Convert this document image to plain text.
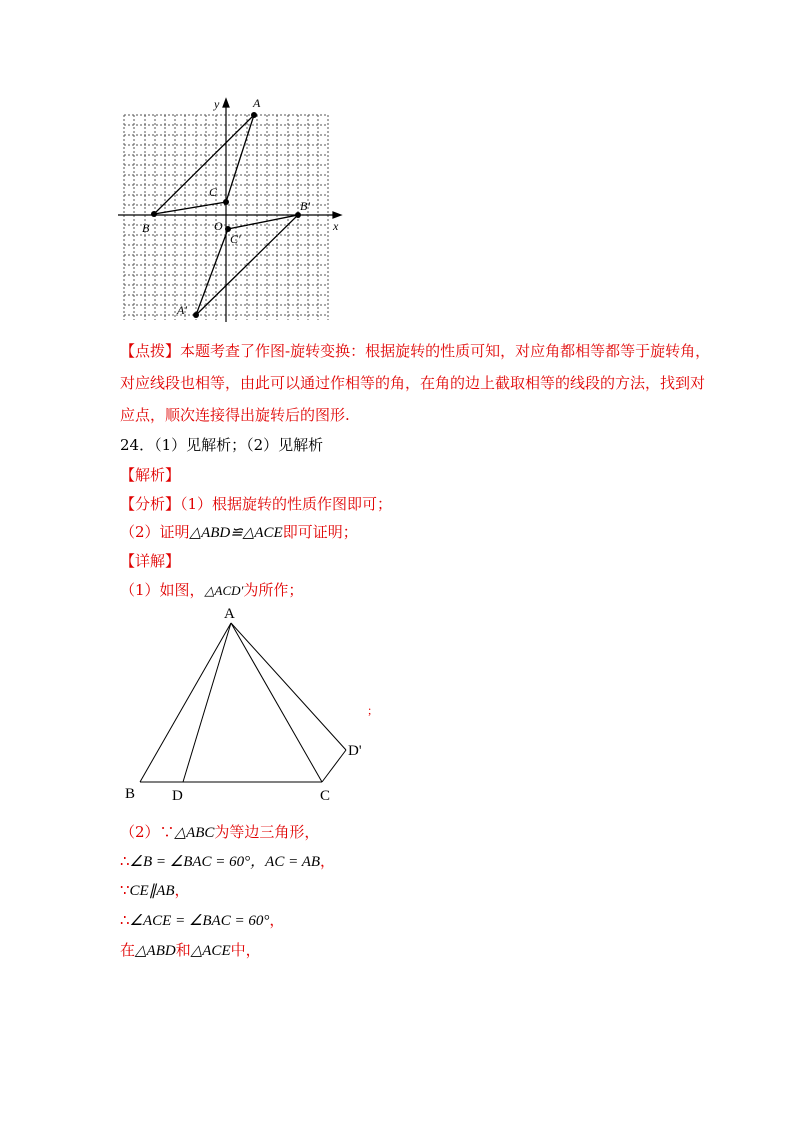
x
y	A
B
C
O
A'
B'
C'
【点拨】本题考查了作图-旋转变换：根据旋转的性质可知，对应角都相等都等于旋转角，
对应线段也相等，由此可以通过作相等的角，在角的边上截取相等的线段的方法，找到对
应点，顺次连接得出旋转后的图形.
24．（1）见解析；（2）见解析
【解析】
【分析】（1）根据旋转的性质作图即可；
（2）证明△ABD≌△ACE即可证明；
【详解】
（1）如图，△ACD′为所作；
A
B D	C
D'
;
（2）∵△ABC为等边三角形，
∴∠B = ∠BAC = 60°，AC = AB，
∵CE∥AB，
∴∠ACE = ∠BAC = 60°，
在△ABD和△ACE中，
